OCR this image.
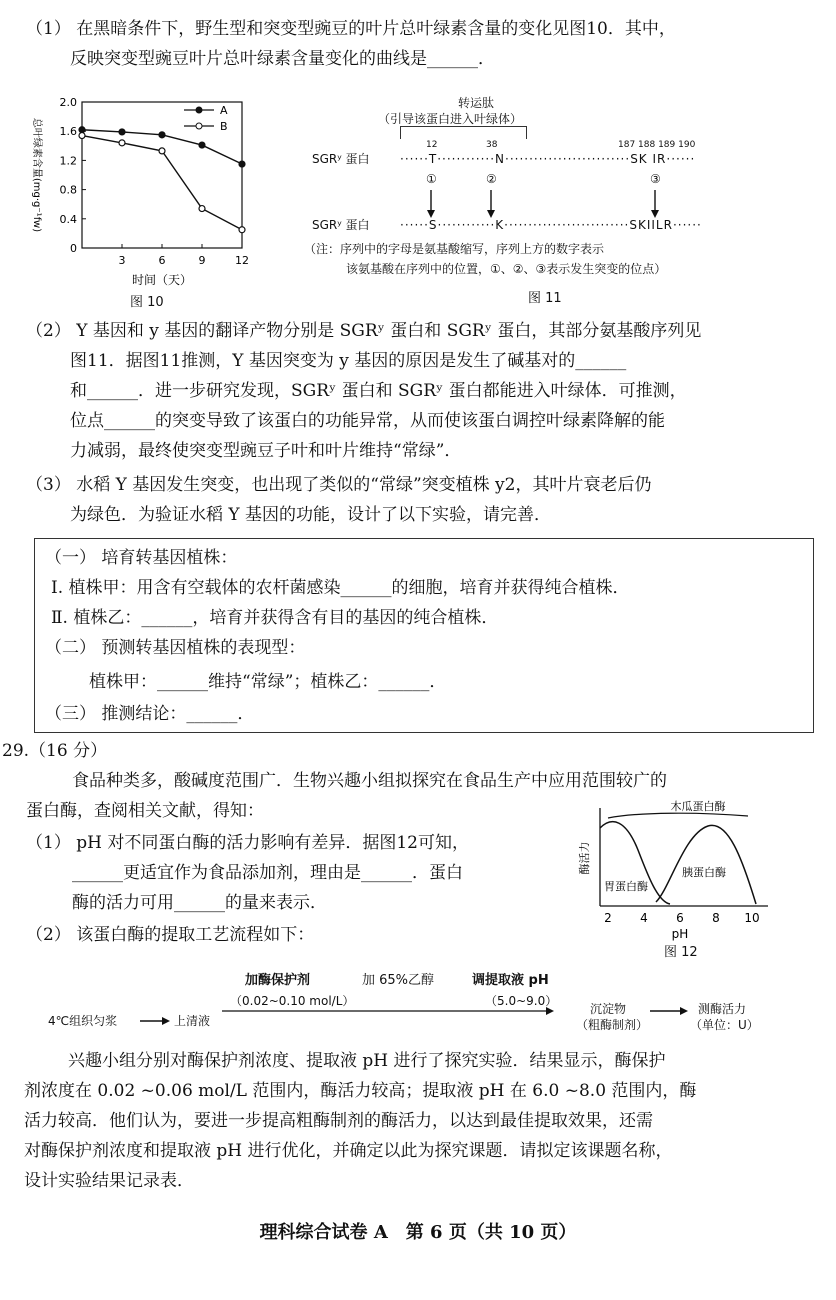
（1） 在黑暗条件下，野生型和突变型豌豆的叶片总叶绿素含量的变化见图10．其中，
反映突变型豌豆叶片总叶绿素含量变化的曲线是______．
2.0
1.6
1.2
0.8
0.4
0
3	6	9	12
时间（天）
总叶绿素含量(mg·g⁻¹fw)
A
B
图 10
转运肽
（引导该蛋白进入叶绿体）
12	38	187 188 189 190
SGRʸ 蛋白	······T············N··························SK IR······
①	②	③
SGRʸ 蛋白	······S············K··························SKIILR······
（注：序列中的字母是氨基酸缩写，序列上方的数字表示
该氨基酸在序列中的位置，①、②、③表示发生突变的位点）
图 11
（2） Y 基因和 y 基因的翻译产物分别是 SGRʸ 蛋白和 SGRʸ 蛋白，其部分氨基酸序列见
图11．据图11推测，Y 基因突变为 y 基因的原因是发生了碱基对的______
和______．进一步研究发现，SGRʸ 蛋白和 SGRʸ 蛋白都能进入叶绿体．可推测，
位点______的突变导致了该蛋白的功能异常，从而使该蛋白调控叶绿素降解的能
力减弱，最终使突变型豌豆子叶和叶片维持“常绿”．
（3） 水稻 Y 基因发生突变，也出现了类似的“常绿”突变植株 y2，其叶片衰老后仍
为绿色．为验证水稻 Y 基因的功能，设计了以下实验，请完善．
（一） 培育转基因植株：
Ⅰ. 植株甲：用含有空载体的农杆菌感染______的细胞，培育并获得纯合植株．
Ⅱ. 植株乙：______，培育并获得含有目的基因的纯合植株．
（二） 预测转基因植株的表现型：
植株甲：______维持“常绿”；植株乙：______．
（三） 推测结论：______．
29.（16 分）
食品种类多，酸碱度范围广．生物兴趣小组拟探究在食品生产中应用范围较广的
蛋白酶，查阅相关文献，得知：
（1） pH 对不同蛋白酶的活力影响有差异．据图12可知，
______更适宜作为食品添加剂，理由是______．蛋白
酶的活力可用______的量来表示．
（2） 该蛋白酶的提取工艺流程如下：
2 4 6 8 10
pH
木瓜蛋白酶
胃蛋白酶
胰蛋白酶
酶活力
图 12
加酶保护剂
（0.02~0.10 mol/L）
加 65%乙醇	调提取液 pH
（5.0~9.0）
4℃组织匀浆	上清液
沉淀物
（粗酶制剂）
测酶活力
（单位：U）
兴趣小组分别对酶保护剂浓度、提取液 pH 进行了探究实验．结果显示，酶保护
剂浓度在 0.02 ~0.06 mol/L 范围内，酶活力较高；提取液 pH 在 6.0 ~8.0 范围内，酶
活力较高．他们认为，要进一步提高粗酶制剂的酶活力，以达到最佳提取效果，还需
对酶保护剂浓度和提取液 pH 进行优化，并确定以此为探究课题．请拟定该课题名称，
设计实验结果记录表．
理科综合试卷 A　第 6 页（共 10 页）
